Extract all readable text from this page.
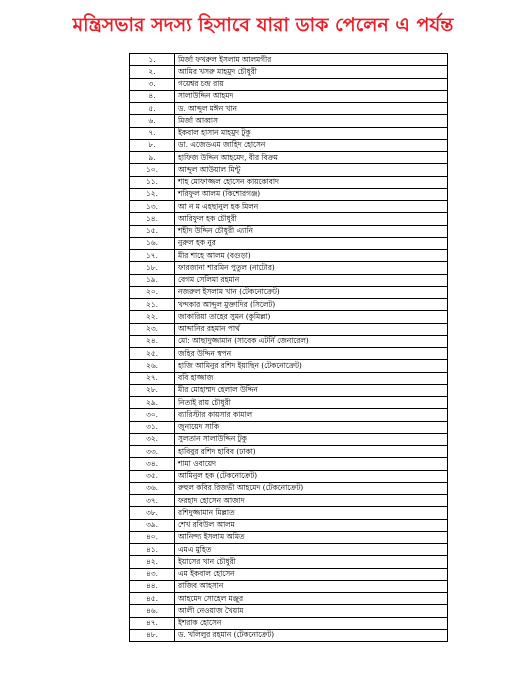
মন্ত্রিসভার সদস্য হিসাবে যারা ডাক পেলেন এ পর্যন্ত
১.	মির্জা ফখরুল ইসলাম আলমগীর
২.	আমির খসরু মাহমুদ চৌধুরী
৩.	গয়েশ্বর চন্দ্র রায়
৪.	সালাউদ্দিন আহমদ
৫.	ড. আব্দুল মঈন খান
৬.	মির্জা আব্বাস
৭.	ইকবাল হাসান মাহমুদ টুকু
৮.	ডা. এজেডএম জাহিদ হোসেন
৯.	হাফিজ উদ্দিন আহমেদ, বীর বিক্রম
১০.	আব্দুল আউয়াল মিন্টু
১১.	শাহ মোফাজ্জল হোসেন কায়কোবাদ
১২.	শরিফুল আলম (কিশোরগঞ্জ)
১৩.	আ ন ম এহছানুল হক মিলন
১৪.	আরিফুল হক চৌধুরী
১৫.	শহীদ উদ্দিন চৌধুরী এ্যানি
১৬.	নুরুল হক নুর
১৭.	মীর শাহে আলম (বগুড়া)
১৮.	ফারজানা শারমিন পুতুল (নাটোর)
১৯.	বেগম সেলিমা রহমান
২০.	নজরুল ইসলাম খান (টেকনোক্রেট)
২১.	খন্দকার আব্দুল মুক্তাদির (সিলেট)
২২.	জাকারিয়া তাহের সুমন (কুমিল্লা)
২৩.	আব্দানির রহমান পার্থ
২৪.	মো: আছাদুজ্জামান (সাবেক এটর্নি জেনারেল)
২৫.	জহির উদ্দিন স্বপন
২৬.	হাজি আমিনুর রশিদ ইয়াছিন (টেকনোক্রেট)
২৭.	ববি হাজ্জাজ
২৮.	মীর মোহাম্মদ হেলাল উদ্দিন
২৯.	নিতাই রায় চৌধুরী
৩০.	ব্যারিস্টার কায়সার কামাল
৩১.	জুনায়েদ সাকি
৩২.	সুলতান সালাউদ্দিন টুকু
৩৩.	হাবিবুর রশিদ হাবিব (ঢাকা)
৩৪.	শামা ওবায়েদ
৩৫.	আমিনুল হক (টেকনোক্রেট)
৩৬.	রুহুল কবির রিজভী আহমেদ (টেকনোক্রেট)
৩৭.	ফরহাদ হোসেন আজাদ
৩৮.	রশিদুজ্জামান মিল্লাত
৩৯.	শেখ রবিউল আলম
৪০.	আনিন্দ্য ইসলাম অমিত
৪১.	এমএ মুহিত
৪২.	ইয়াসের খান চৌধুরী
৪৩.	এম ইকবাল হোসেন
৪৪.	রাজিব আহসান
৪৫.	আহমেদ সোহেল মঞ্জুর
৪৬.	আলী নেওয়াজ খৈয়াম
৪৭.	ইশরাক হোসেন
৪৮.	ড. খলিলুর রহমান (টেকনোক্রেট)
